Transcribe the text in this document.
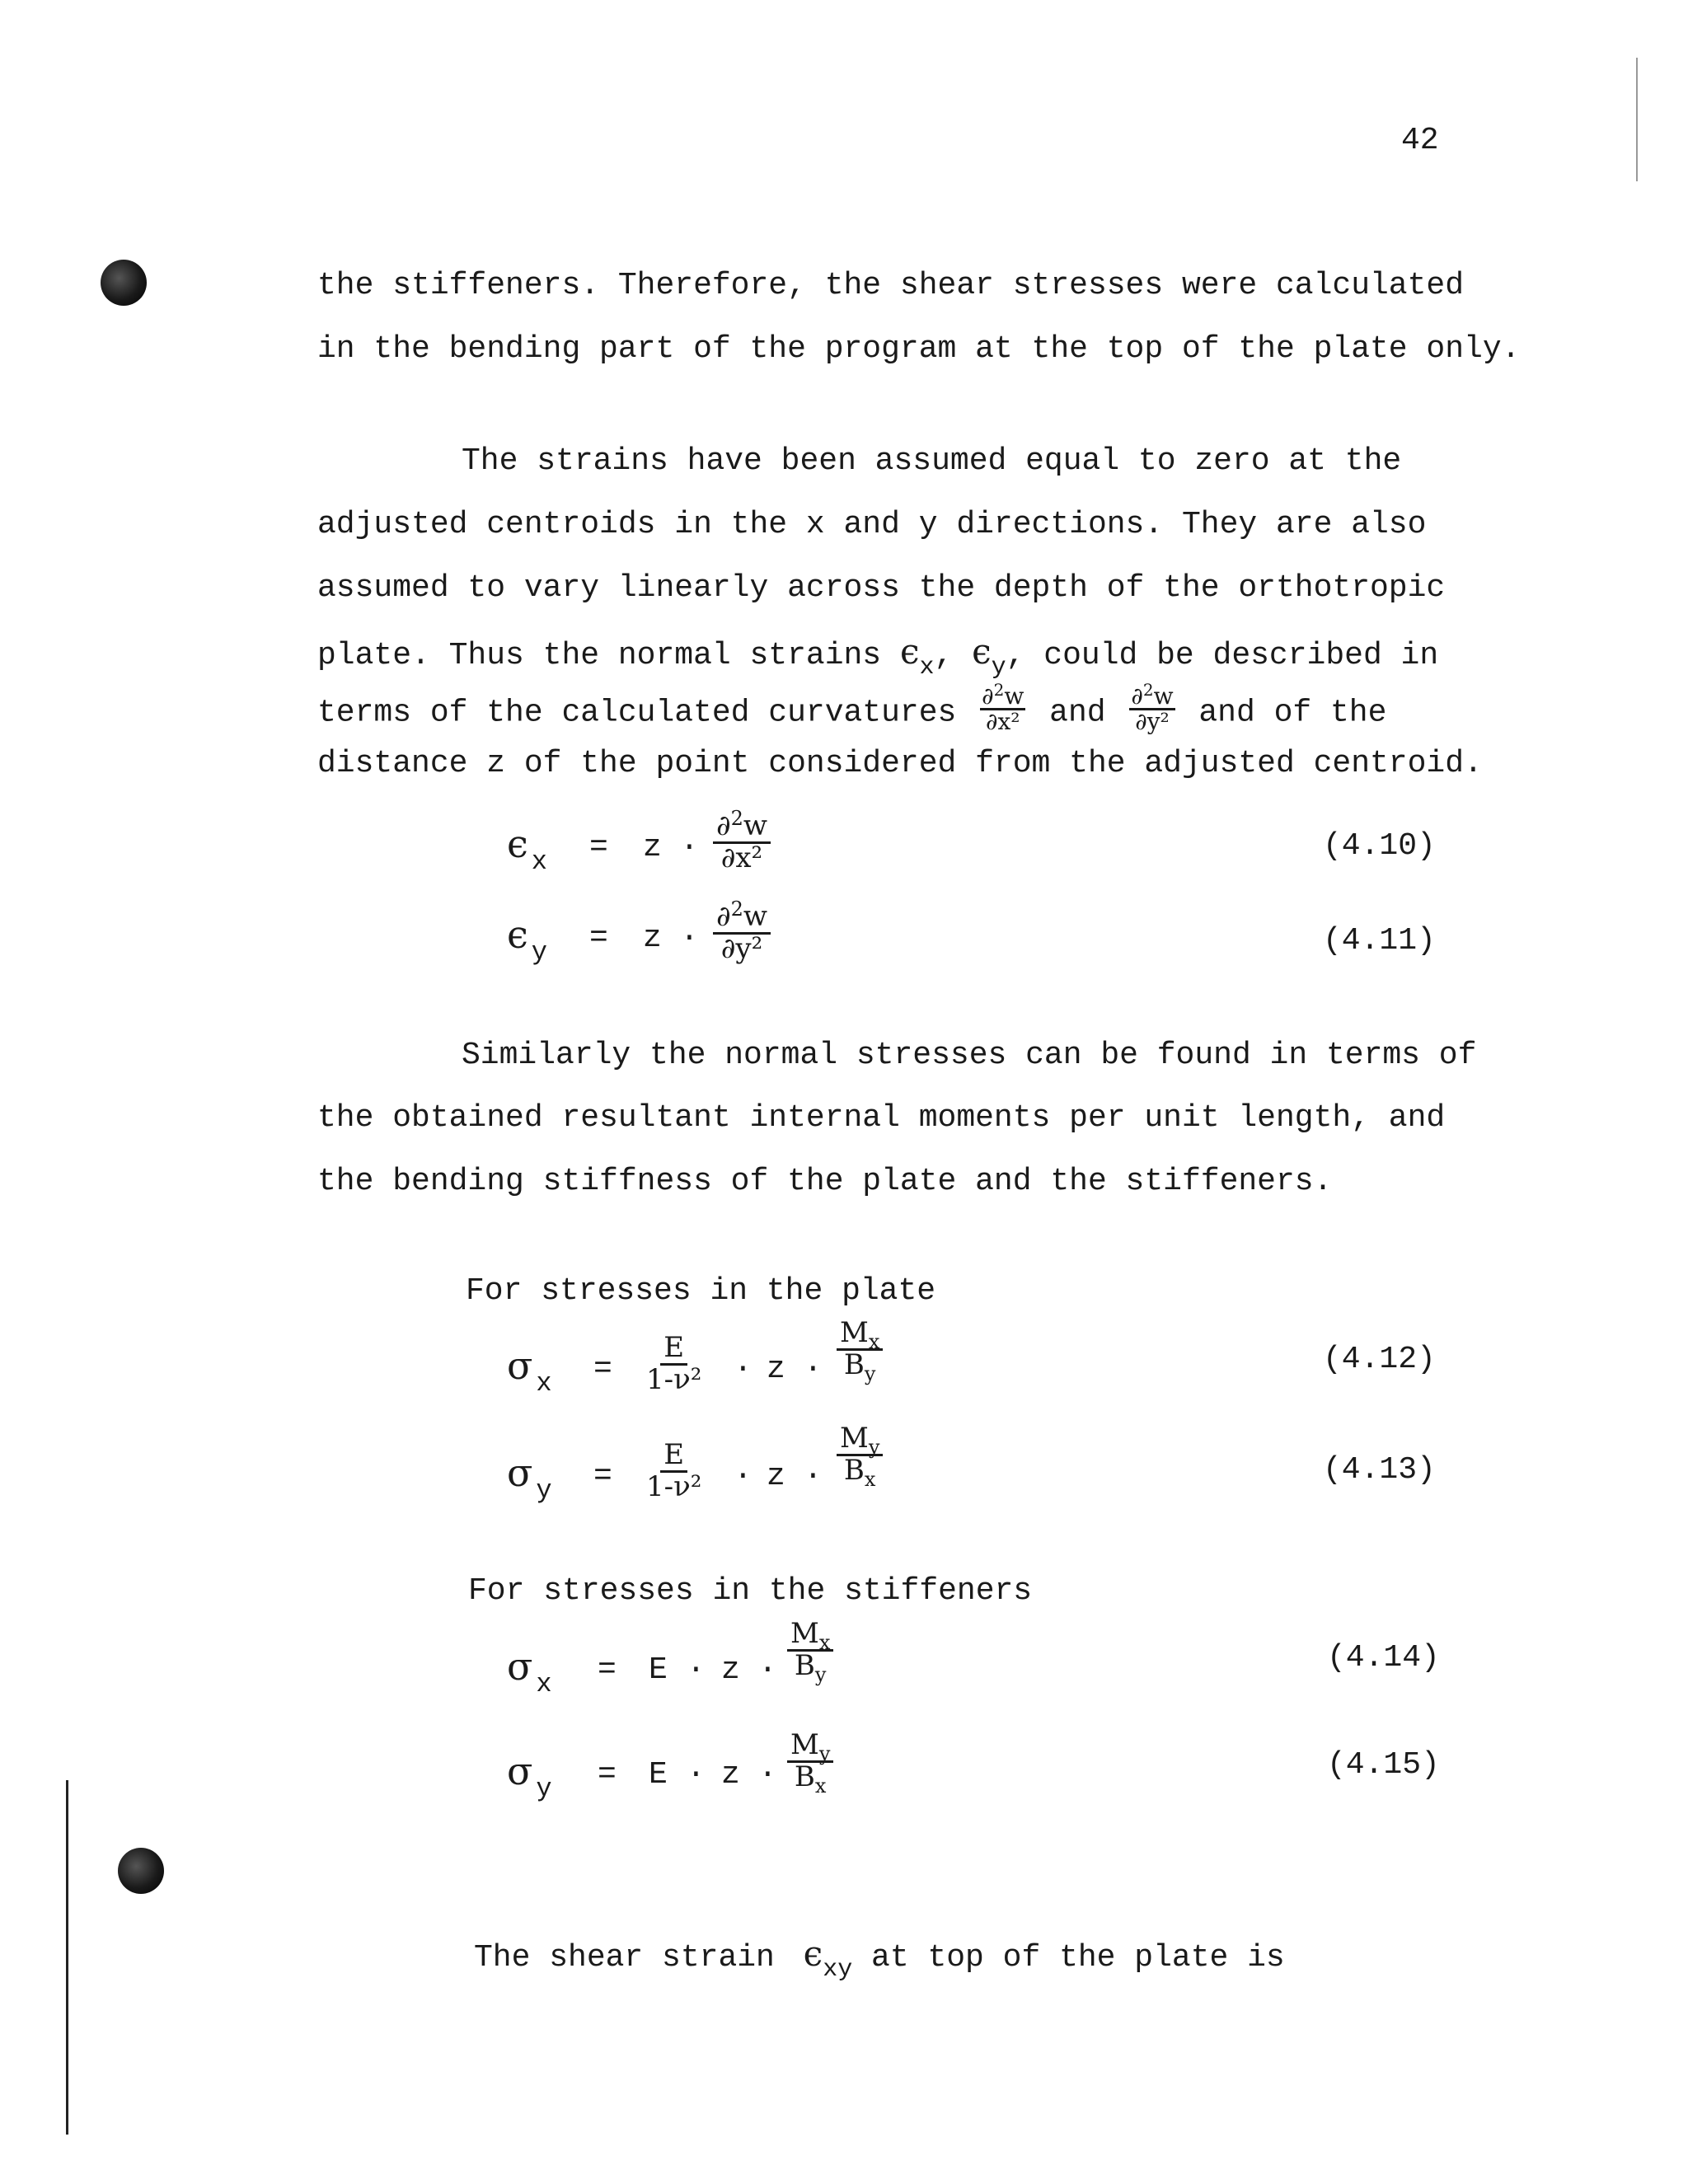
42
the stiffeners. Therefore, the shear stresses were calculated
in the bending part of the program at the top of the plate only.
The strains have been assumed equal to zero at the
adjusted centroids in the x and y directions. They are also
assumed to vary linearly across the depth of the orthotropic
plate. Thus the normal strains $\epsilon_x$, $\epsilon_y$, could be described in
terms of the calculated curvatures $\frac{\partial^2w}{\text{∂x²}}$ and $\frac{\partial^2w}{\text{∂y²}}$ and of the
distance z of the point considered from the adjusted centroid.
ϵ $_x = z \cdot \frac{\partial^2w}{\text{∂x²}}$	(4.10)
ϵ $_y = z \cdot \frac{\partial^2w}{\text{∂y²}}$	(4.11)
Similarly the normal stresses can be found in terms of
the obtained resultant internal moments per unit length, and
the bending stiffness of the plate and the stiffeners.
For stresses in the plate
σ $_x = \frac{E}{\text{1-ν²}} \cdot z \cdot \frac{M_x}{B_y}$	(4.12)
σ $_y = \frac{E}{\text{1-ν²}} \cdot z \cdot \frac{M_y}{B_x}$	(4.13)
For stresses in the stiffeners
σ $_x = E \cdot z \cdot \frac{M_x}{B_y}$	(4.14)
σ $_y = E \cdot z \cdot \frac{M_y}{B_x}$	(4.15)
The shear strain $\epsilon_{xy}$ at top of the plate is
